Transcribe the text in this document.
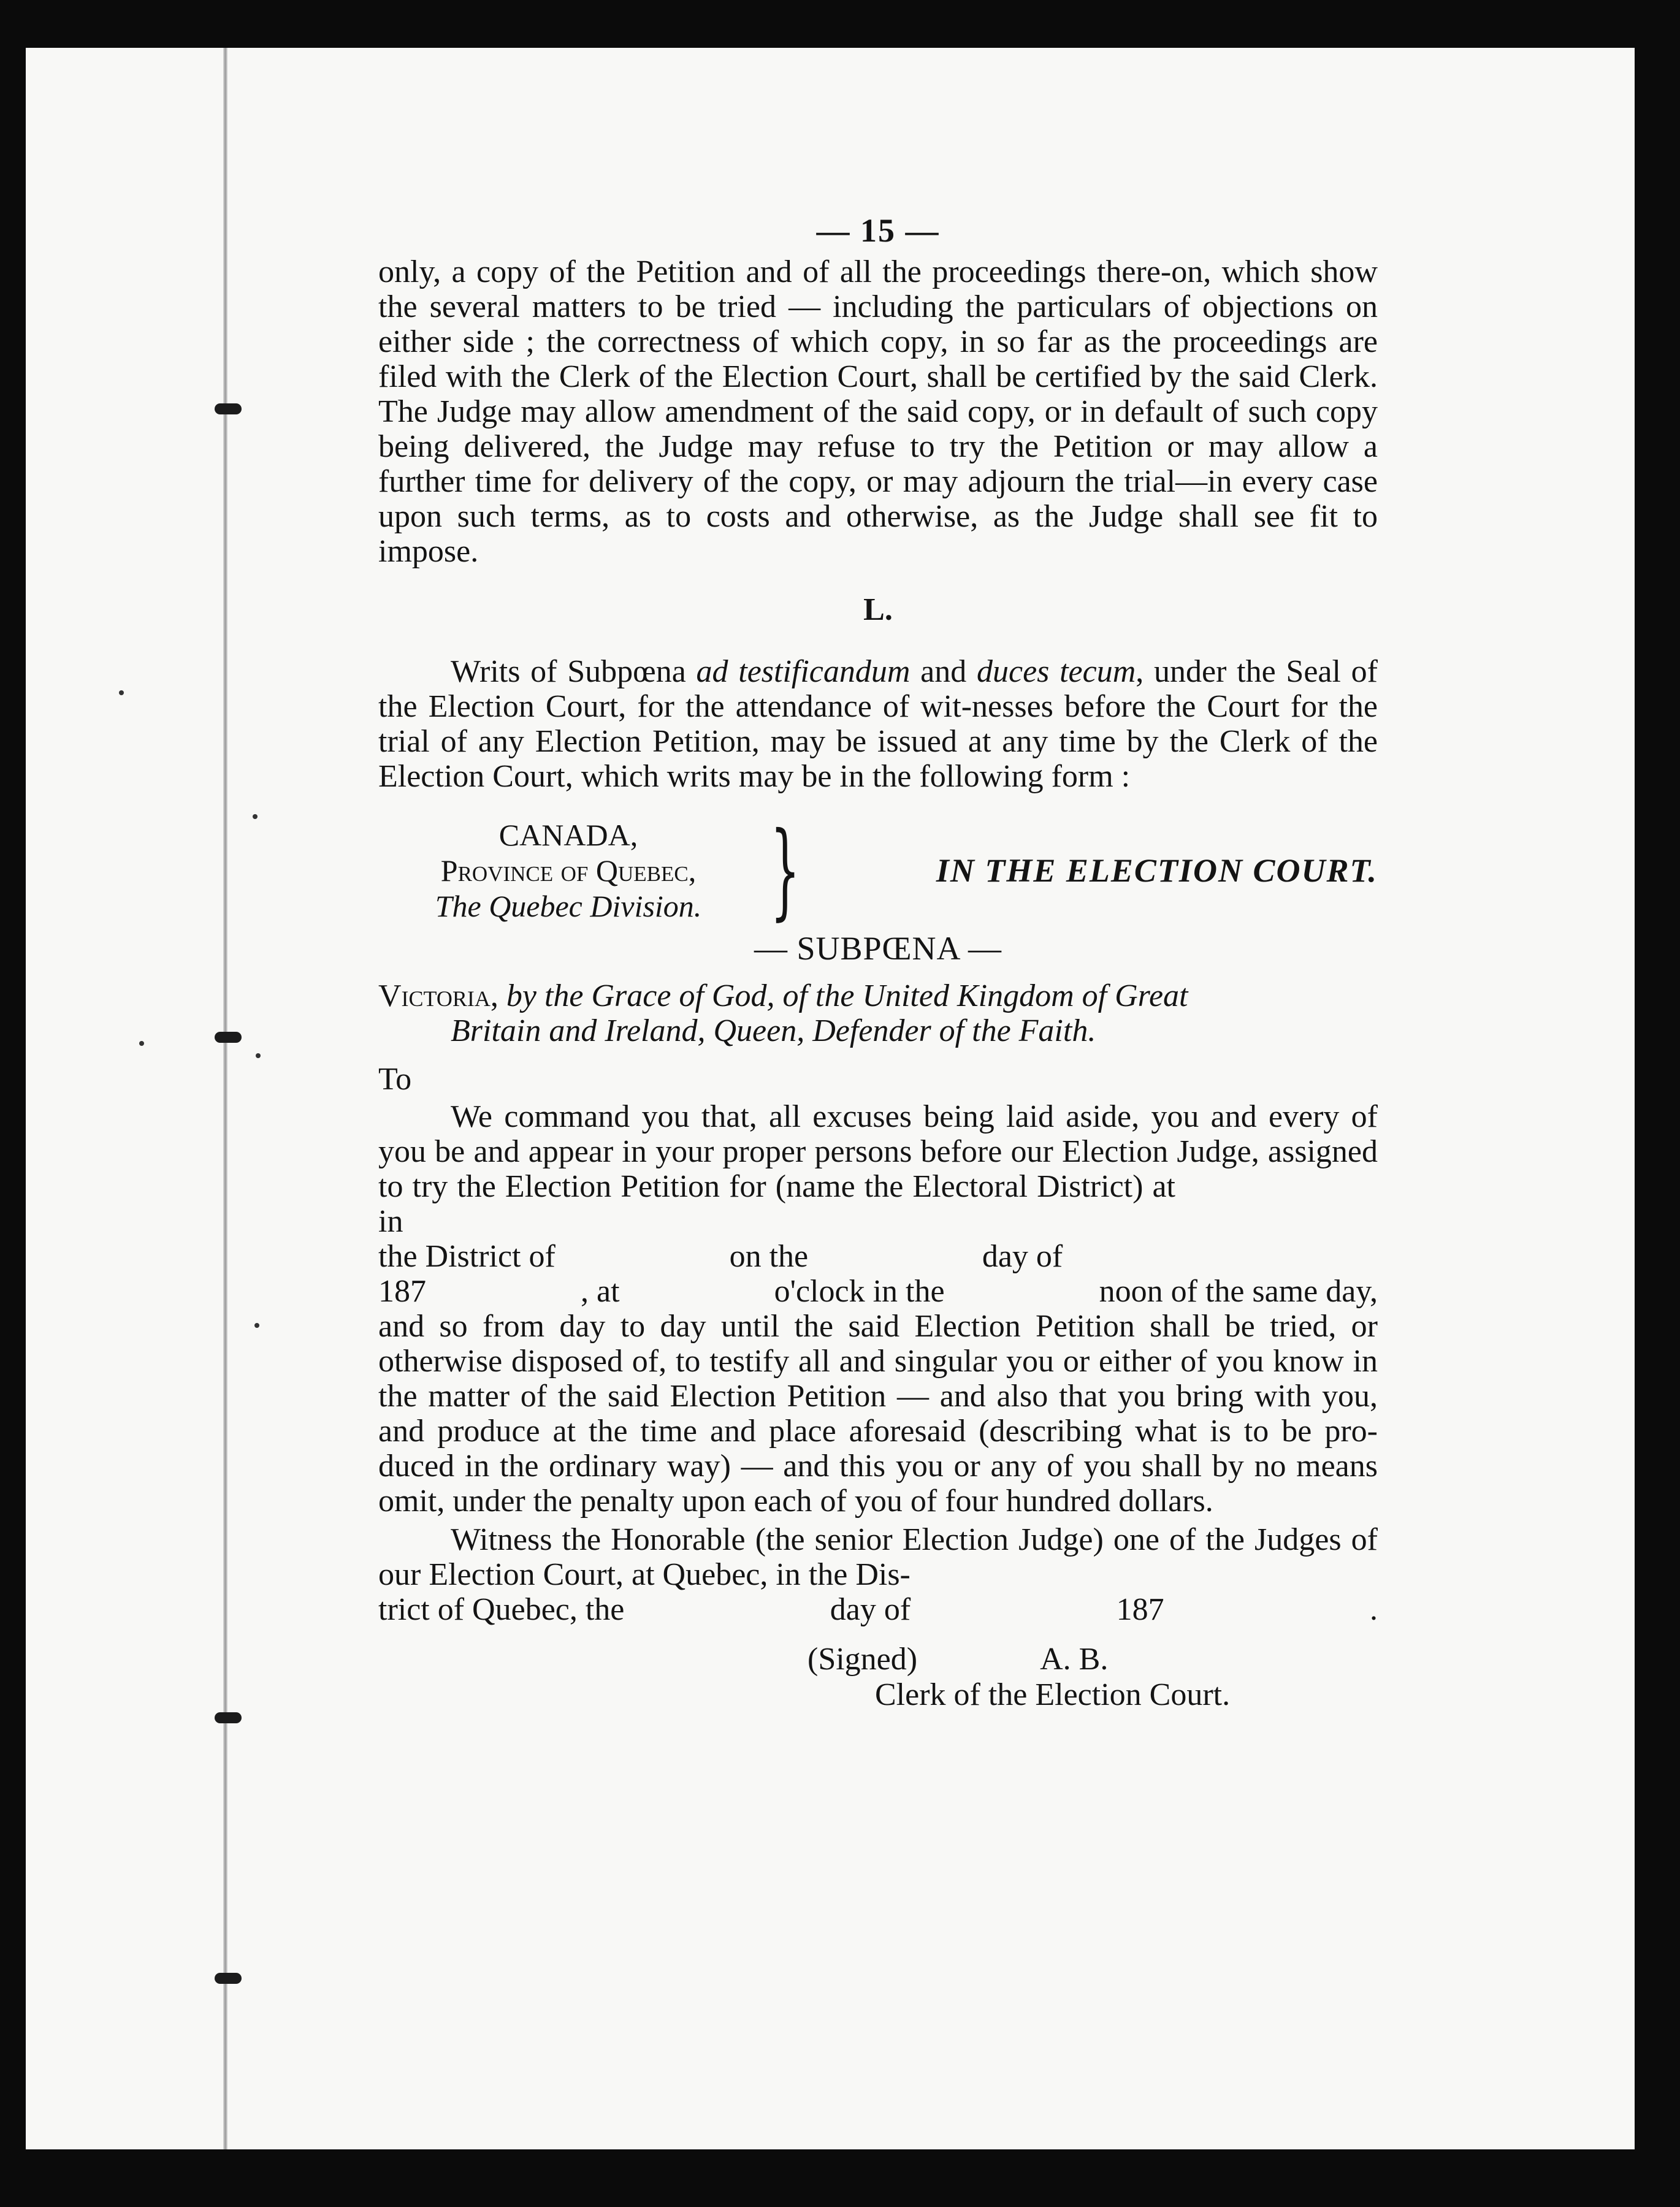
— 15 —

only, a copy of the Petition and of all the proceedings there-on, which show the several matters to be tried — including the particulars of objections on either side ; the correctness of which copy, in so far as the proceedings are filed with the Clerk of the Election Court, shall be certified by the said Clerk. The Judge may allow amendment of the said copy, or in default of such copy being delivered, the Judge may refuse to try the Petition or may allow a further time for delivery of the copy, or may adjourn the trial—in every case upon such terms, as to costs and otherwise, as the Judge shall see fit to impose.

L.

Writs of Subpœna ad testificandum and duces tecum, under the Seal of the Election Court, for the attendance of wit-nesses before the Court for the trial of any Election Petition, may be issued at any time by the Clerk of the Election Court, which writs may be in the following form :

CANADA,
Province of Quebec,
The Quebec Division. }	IN THE ELECTION COURT.
— SUBPŒNA —

Victoria, by the Grace of God, of the United Kingdom of Great
Britain and Ireland, Queen, Defender of the Faith.

To

We command you that, all excuses being laid aside, you and every of you be and appear in your proper persons before our Election Judge, assigned to try the Election Petition for (name the Electoral District) atin

the District of	on the	day of
187	, at	o'clock in the	noon of the same day,

and so from day to day until the said Election Petition shall be tried, or otherwise disposed of, to testify all and singular you or either of you know in the matter of the said Election Petition — and also that you bring with you, and produce at the time and place aforesaid (describing what is to be pro-duced in the ordinary way) — and this you or any of you shall by no means omit, under the penalty upon each of you of four hundred dollars.

Witness the Honorable (the senior Election Judge) one of the Judges of our Election Court, at Quebec, in the Dis-

trict of Quebec, the	day of	187	.
(Signed)	A. B.
Clerk of the Election Court.
